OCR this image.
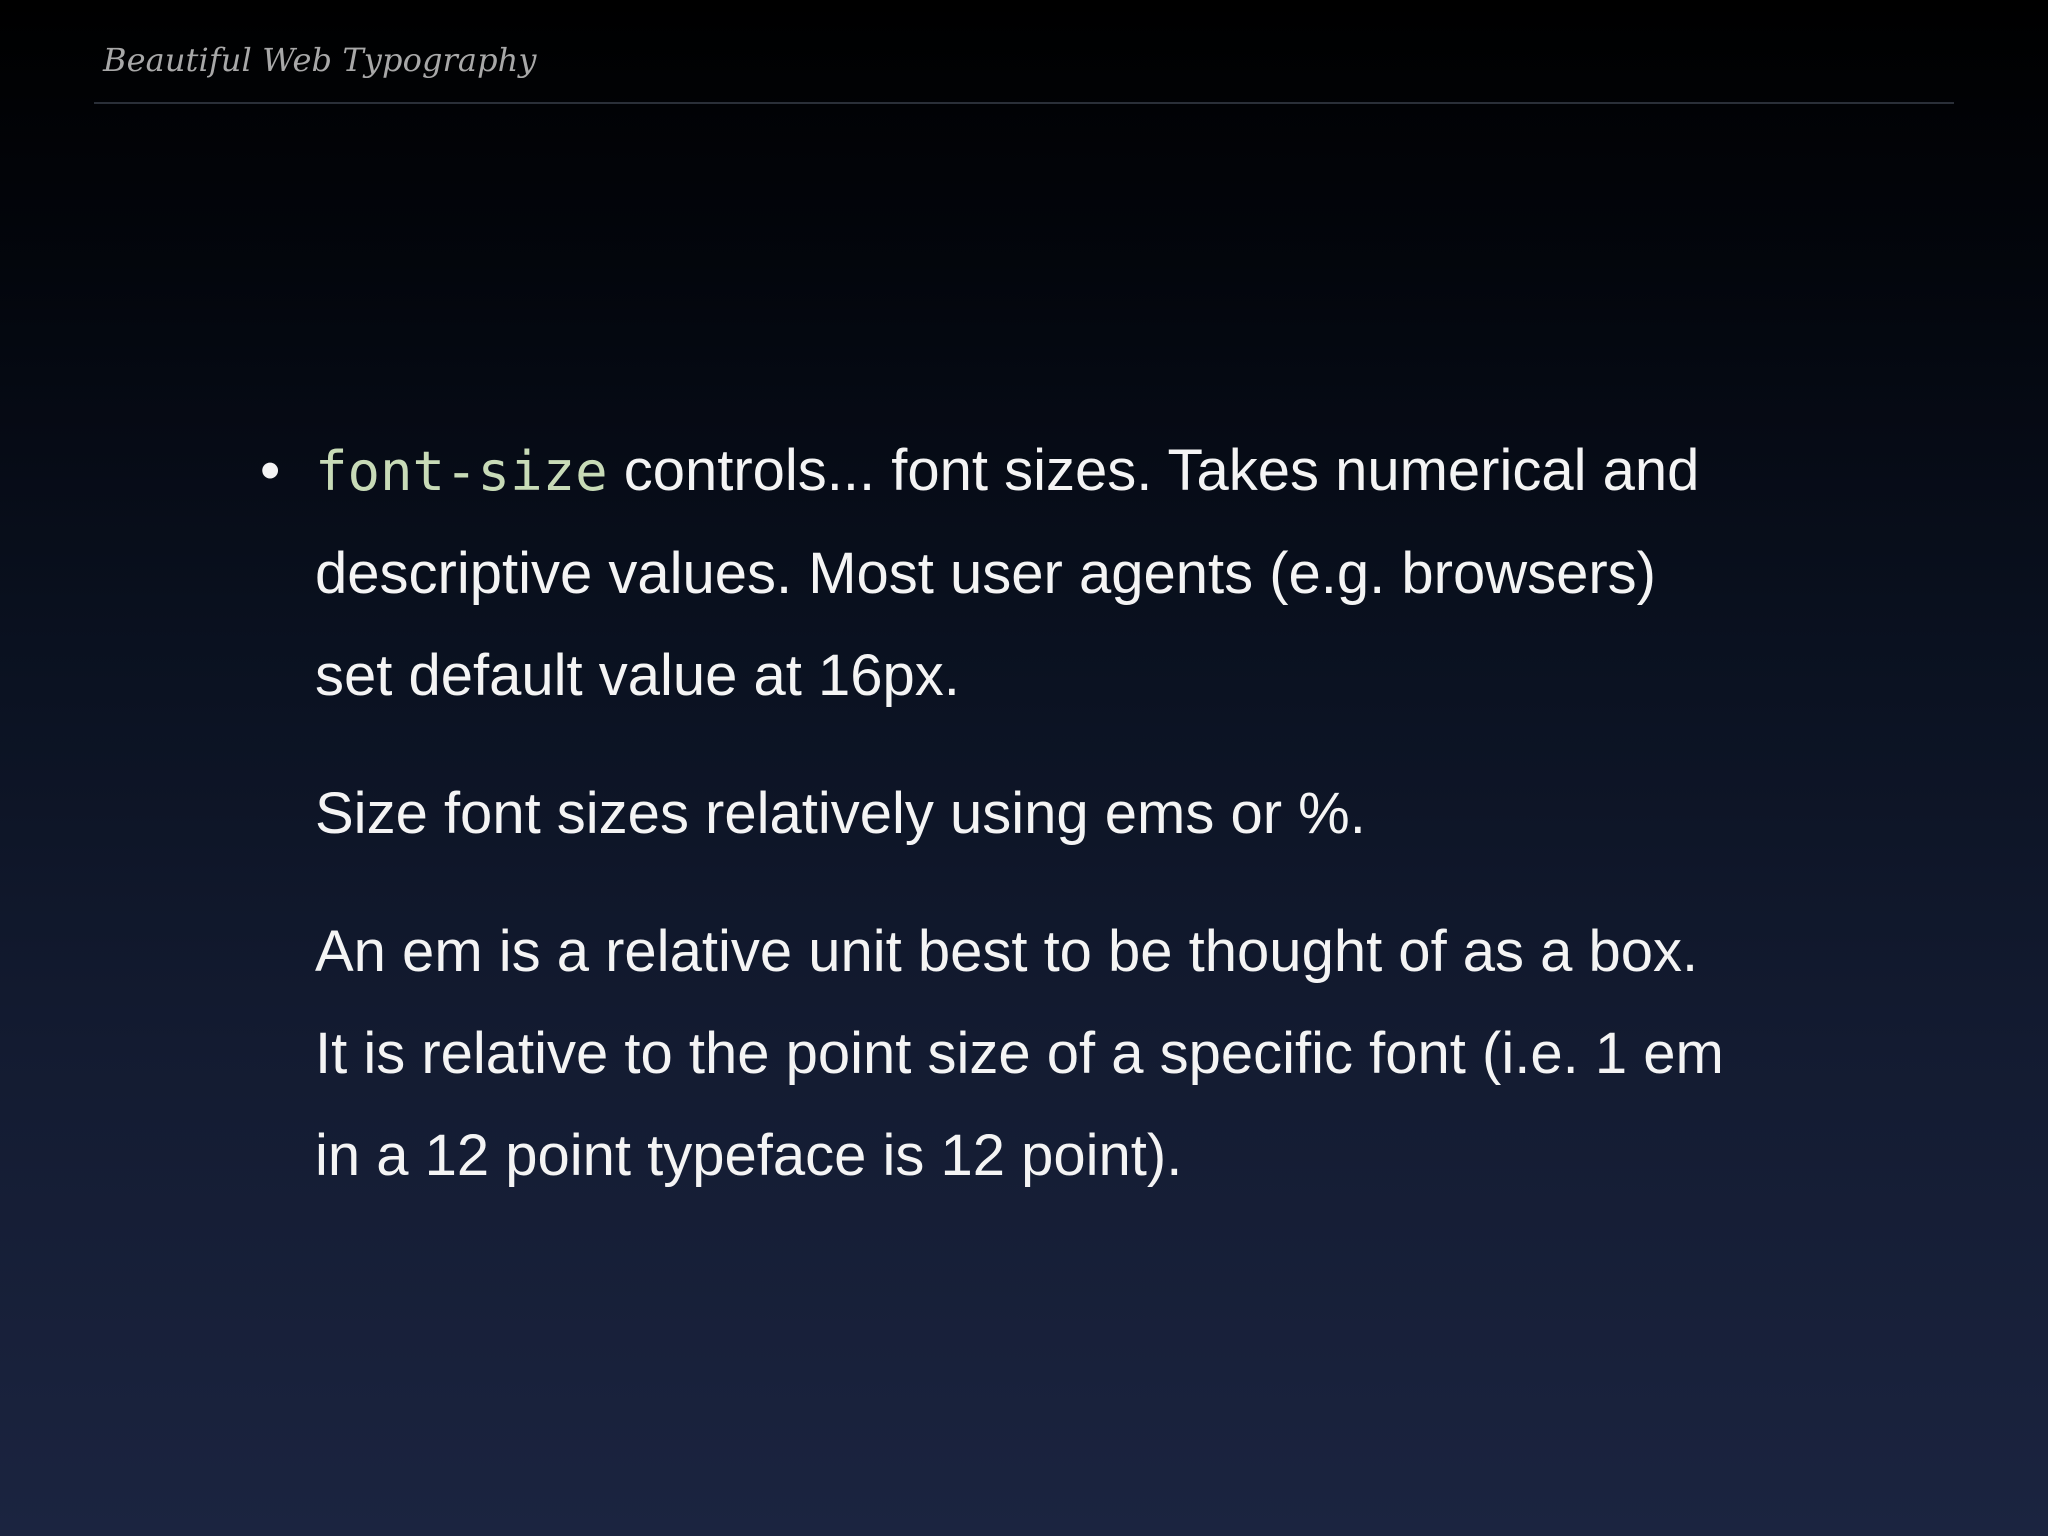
Beautiful Web Typography
• font-size controls... font sizes. Takes numerical and descriptive values. Most user agents (e.g. browsers) set default value at 16px.

Size font sizes relatively using ems or %.

An em is a relative unit best to be thought of as a box. It is relative to the point size of a specific font (i.e. 1 em in a 12 point typeface is 12 point).
